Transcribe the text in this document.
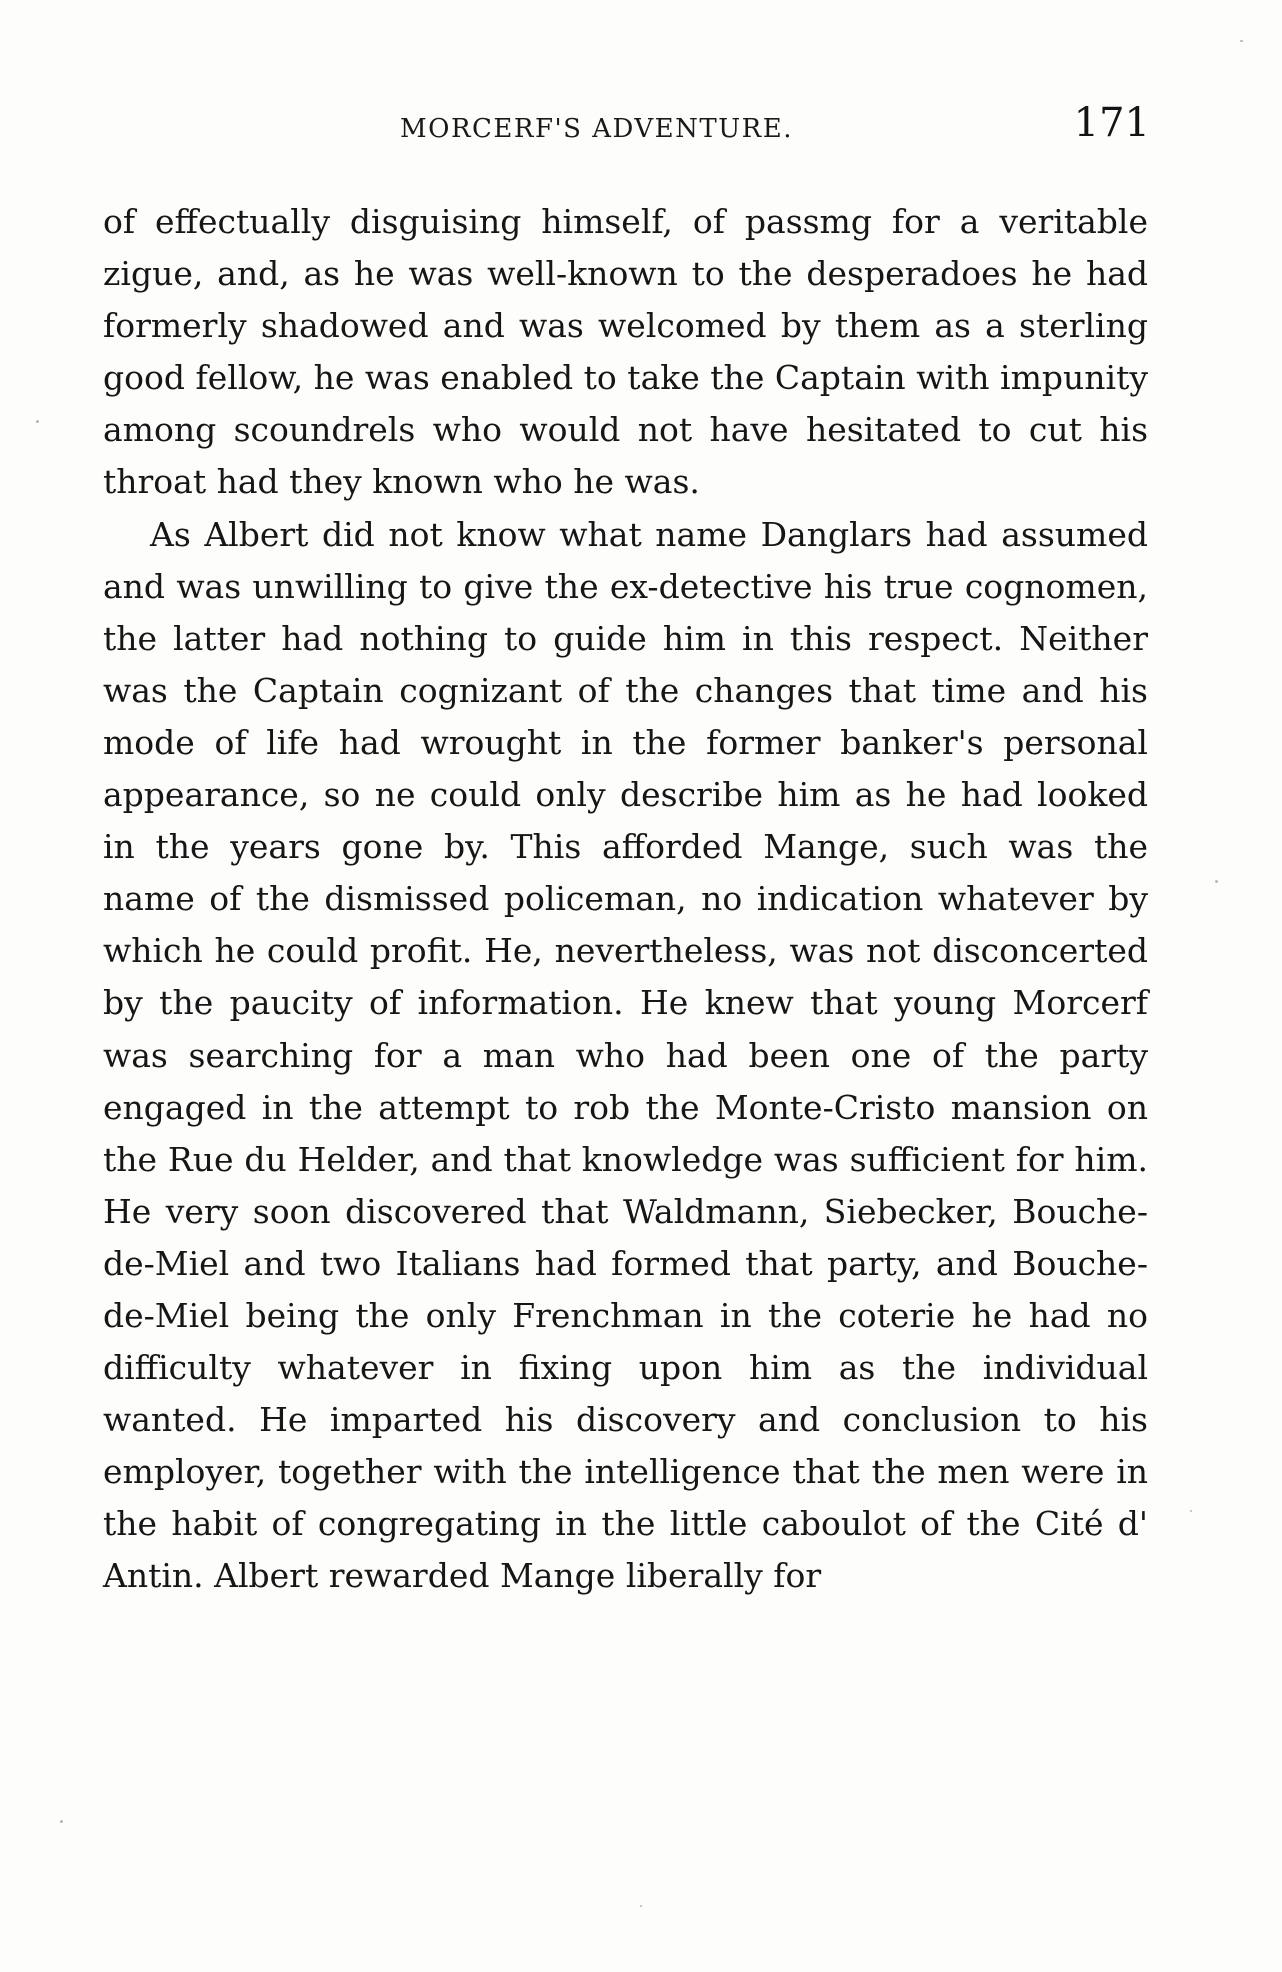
MORCERF'S ADVENTURE.	171

of effectually disguising himself, of passmg for a veritable zigue, and, as he was well-known to the desperadoes he had formerly shadowed and was welcomed by them as a sterling good fellow, he was enabled to take the Captain with impunity among scoundrels who would not have hesitated to cut his throat had they known who he was.

As Albert did not know what name Danglars had assumed and was unwilling to give the ex-detective his true cognomen, the latter had nothing to guide him in this respect. Neither was the Captain cognizant of the changes that time and his mode of life had wrought in the former banker's personal appearance, so ne could only describe him as he had looked in the years gone by. This afforded Mange, such was the name of the dismissed policeman, no indication whatever by which he could profit. He, nevertheless, was not disconcerted by the paucity of information. He knew that young Morcerf was searching for a man who had been one of the party engaged in the attempt to rob the Monte-Cristo mansion on the Rue du Helder, and that knowledge was sufficient for him. He very soon discovered that Waldmann, Siebecker, Bouche-de-Miel and two Italians had formed that party, and Bouche-de-Miel being the only Frenchman in the coterie he had no difficulty whatever in fixing upon him as the individual wanted. He imparted his discovery and conclusion to his employer, together with the intelligence that the men were in the habit of congregating in the little caboulot of the Cité d' Antin. Albert rewarded Mange liberally for
